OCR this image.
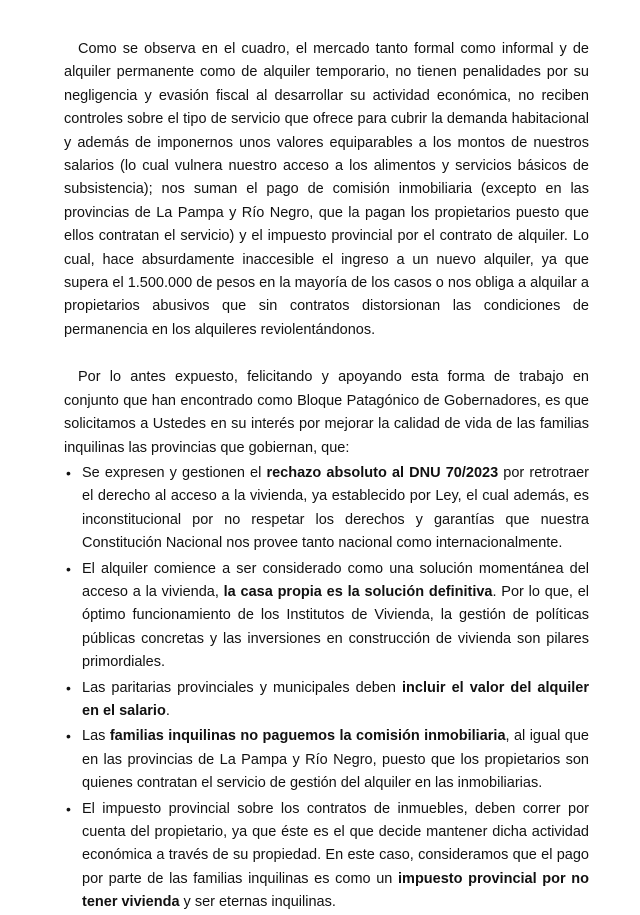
Como se observa en el cuadro, el mercado tanto formal como informal y de alquiler permanente como de alquiler temporario, no tienen penalidades por su negligencia y evasión fiscal al desarrollar su actividad económica, no reciben controles sobre el tipo de servicio que ofrece para cubrir la demanda habitacional y además de imponernos unos valores equiparables a los montos de nuestros salarios (lo cual vulnera nuestro acceso a los alimentos y servicios básicos de subsistencia); nos suman el pago de comisión inmobiliaria (excepto en las provincias de La Pampa y Río Negro, que la pagan los propietarios puesto que ellos contratan el servicio) y el impuesto provincial por el contrato de alquiler. Lo cual, hace absurdamente inaccesible el ingreso a un nuevo alquiler, ya que supera el 1.500.000 de pesos en la mayoría de los casos o nos obliga a alquilar a propietarios abusivos que sin contratos distorsionan las condiciones de permanencia en los alquileres reviolentándonos.

Por lo antes expuesto, felicitando y apoyando esta forma de trabajo en conjunto que han encontrado como Bloque Patagónico de Gobernadores, es que solicitamos a Ustedes en su interés por mejorar la calidad de vida de las familias inquilinas las provincias que gobiernan, que:

• Se expresen y gestionen el rechazo absoluto al DNU 70/2023 por retrotraer el derecho al acceso a la vivienda, ya establecido por Ley, el cual además, es inconstitucional por no respetar los derechos y garantías que nuestra Constitución Nacional nos provee tanto nacional como internacionalmente.
• El alquiler comience a ser considerado como una solución momentánea del acceso a la vivienda, la casa propia es la solución definitiva. Por lo que, el óptimo funcionamiento de los Institutos de Vivienda, la gestión de políticas públicas concretas y las inversiones en construcción de vivienda son pilares primordiales.
• Las paritarias provinciales y municipales deben incluir el valor del alquiler en el salario.
• Las familias inquilinas no paguemos la comisión inmobiliaria, al igual que en las provincias de La Pampa y Río Negro, puesto que los propietarios son quienes contratan el servicio de gestión del alquiler en las inmobiliarias.
• El impuesto provincial sobre los contratos de inmuebles, deben correr por cuenta del propietario, ya que éste es el que decide mantener dicha actividad económica a través de su propiedad. En este caso, consideramos que el pago por parte de las familias inquilinas es como un impuesto provincial por no tener vivienda y ser eternas inquilinas.
